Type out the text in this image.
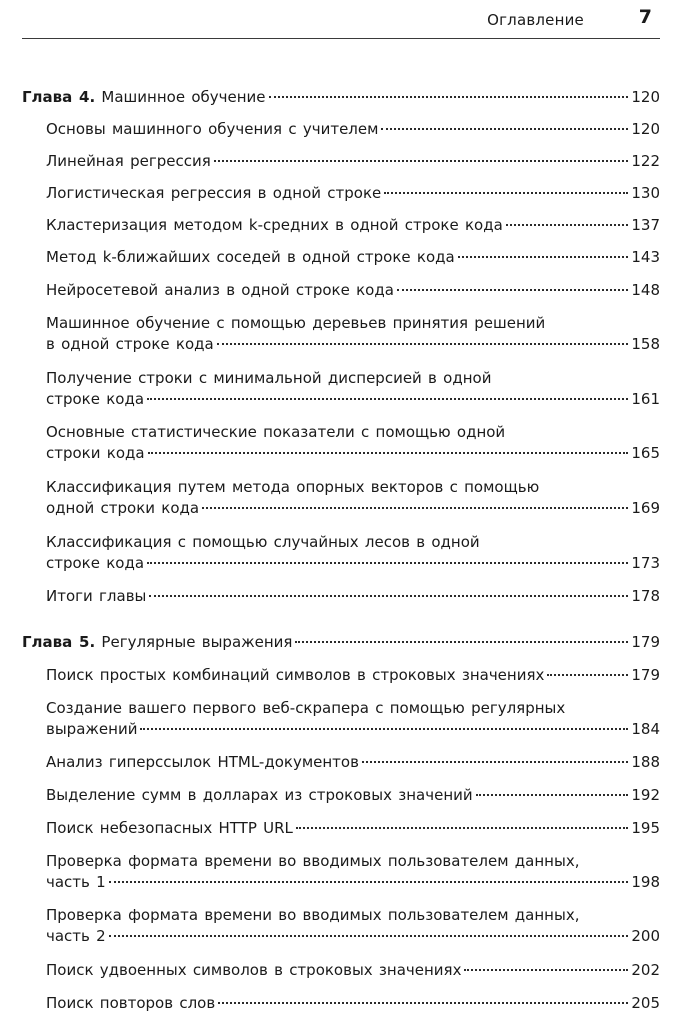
Оглавление	7
Глава 4. Машинное обучение	120
Основы машинного обучения с учителем	120
Линейная регрессия	122
Логистическая регрессия в одной строке	130
Кластеризация методом k-средних в одной строке кода	137
Метод k-ближайших соседей в одной строке кода	143
Нейросетевой анализ в одной строке кода	148
Машинное обучение с помощью деревьев принятия решений
в одной строке кода	158
Получение строки с минимальной дисперсией в одной
строке кода	161
Основные статистические показатели с помощью одной
строки кода	165
Классификация путем метода опорных векторов с помощью
одной строки кода	169
Классификация с помощью случайных лесов в одной
строке кода	173
Итоги главы	178
Глава 5. Регулярные выражения	179
Поиск простых комбинаций символов в строковых значениях	179
Создание вашего первого веб-скрапера с помощью регулярных
выражений	184
Анализ гиперссылок HTML-документов	188
Выделение сумм в долларах из строковых значений	192
Поиск небезопасных HTTP URL	195
Проверка формата времени во вводимых пользователем данных,
часть 1	198
Проверка формата времени во вводимых пользователем данных,
часть 2	200
Поиск удвоенных символов в строковых значениях	202
Поиск повторов слов	205
